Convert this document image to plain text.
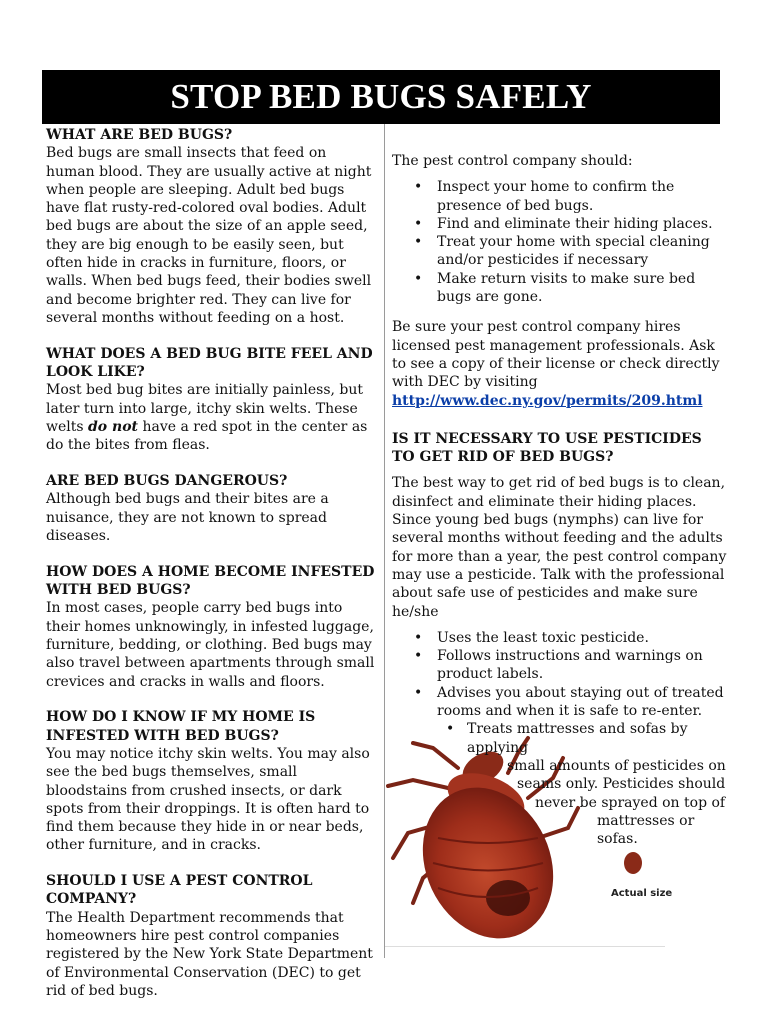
STOP BED BUGS SAFELY
WHAT ARE BED BUGS?

Bed bugs are small insects that feed on human blood. They are usually active at night when people are sleeping. Adult bed bugs have flat rusty-red-colored oval bodies. Adult bed bugs are about the size of an apple seed, they are big enough to be easily seen, but often hide in cracks in furniture, floors, or walls. When bed bugs feed, their bodies swell and become brighter red. They can live for several months without feeding on a host.

WHAT DOES A BED BUG BITE FEEL AND LOOK LIKE?

Most bed bug bites are initially painless, but later turn into large, itchy skin welts. These welts do not have a red spot in the center as do the bites from fleas.

ARE BED BUGS DANGEROUS?

Although bed bugs and their bites are a nuisance, they are not known to spread diseases.

HOW DOES A HOME BECOME INFESTED WITH BED BUGS?

In most cases, people carry bed bugs into their homes unknowingly, in infested luggage, furniture, bedding, or clothing. Bed bugs may also travel between apartments through small crevices and cracks in walls and floors.

HOW DO I KNOW IF MY HOME IS INFESTED WITH BED BUGS?

You may notice itchy skin welts. You may also see the bed bugs themselves, small bloodstains from crushed insects, or dark spots from their droppings. It is often hard to find them because they hide in or near beds, other furniture, and in cracks.

SHOULD I USE A PEST CONTROL COMPANY?

The Health Department recommends that homeowners hire pest control companies registered by the New York State Department of Environmental Conservation (DEC) to get rid of bed bugs.

The pest control company should:

• Inspect your home to confirm the presence of bed bugs.
• Find and eliminate their hiding places.
• Treat your home with special cleaning and/or pesticides if necessary
• Make return visits to make sure bed bugs are gone.

Be sure your pest control company hires licensed pest management professionals. Ask to see a copy of their license or check directly with DEC by visiting

http://www.dec.ny.gov/permits/209.html
IS IT NECESSARY TO USE PESTICIDES TO GET RID OF BED BUGS?

The best way to get rid of bed bugs is to clean, disinfect and eliminate their hiding places. Since young bed bugs (nymphs) can live for several months without feeding and the adults for more than a year, the pest control company may use a pesticide. Talk with the professional about safe use of pesticides and make sure he/she

• Uses the least toxic pesticide.
• Follows instructions and warnings on product labels.
• Advises you about staying out of treated rooms and when it is safe to re-enter.
• Treats mattresses and sofas by applying
small amounts of pesticides on
seams only. Pesticides should
never be sprayed on top of
mattresses or sofas.
Actual size
